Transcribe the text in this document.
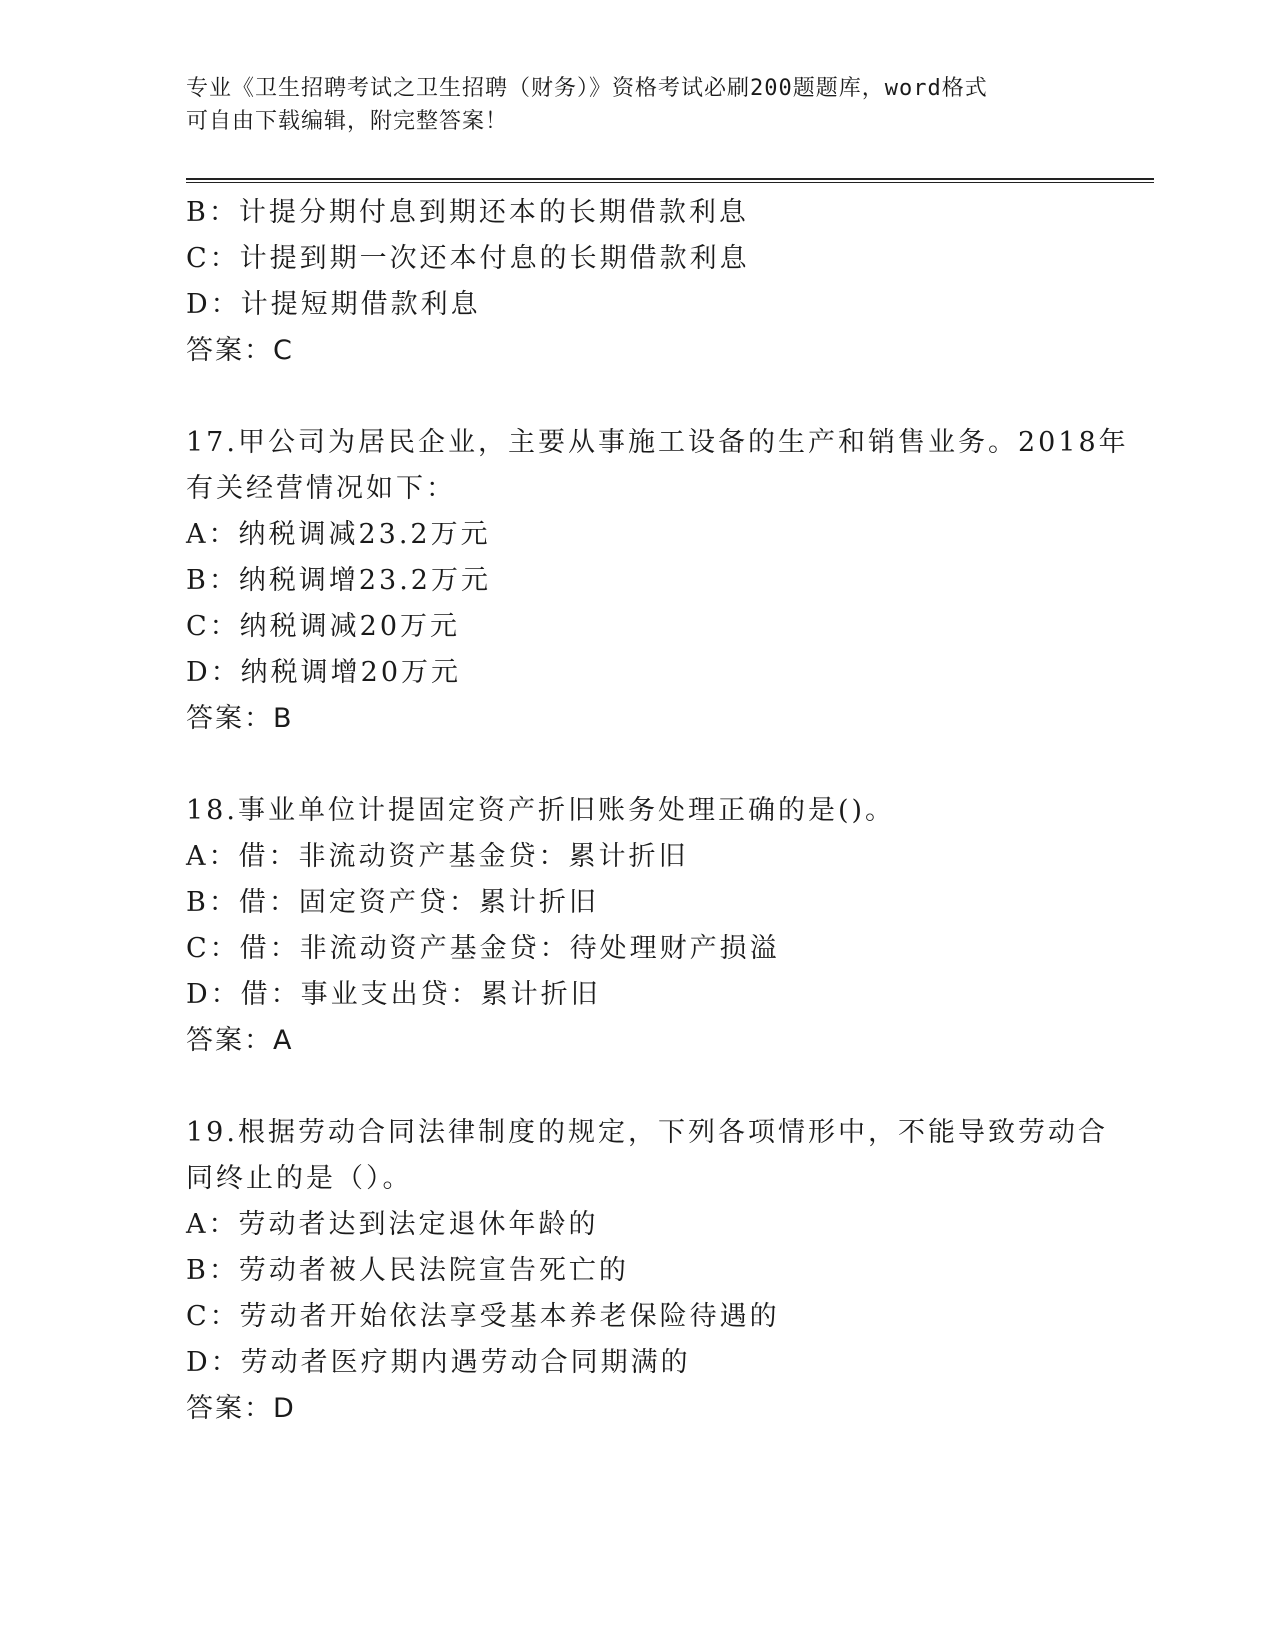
专业《卫生招聘考试之卫生招聘（财务）》资格考试必刷200题题库，word格式
可自由下载编辑，附完整答案！
B：计提分期付息到期还本的长期借款利息
C：计提到期一次还本付息的长期借款利息
D：计提短期借款利息
答案：C
17.甲公司为居民企业，主要从事施工设备的生产和销售业务。2018年
有关经营情况如下：
A：纳税调减23.2万元
B：纳税调增23.2万元
C：纳税调减20万元
D：纳税调增20万元
答案：B
18.事业单位计提固定资产折旧账务处理正确的是()。
A：借：非流动资产基金贷：累计折旧
B：借：固定资产贷：累计折旧
C：借：非流动资产基金贷：待处理财产损溢
D：借：事业支出贷：累计折旧
答案：A
19.根据劳动合同法律制度的规定，下列各项情形中，不能导致劳动合
同终止的是（）。
A：劳动者达到法定退休年龄的
B：劳动者被人民法院宣告死亡的
C：劳动者开始依法享受基本养老保险待遇的
D：劳动者医疗期内遇劳动合同期满的
答案：D
